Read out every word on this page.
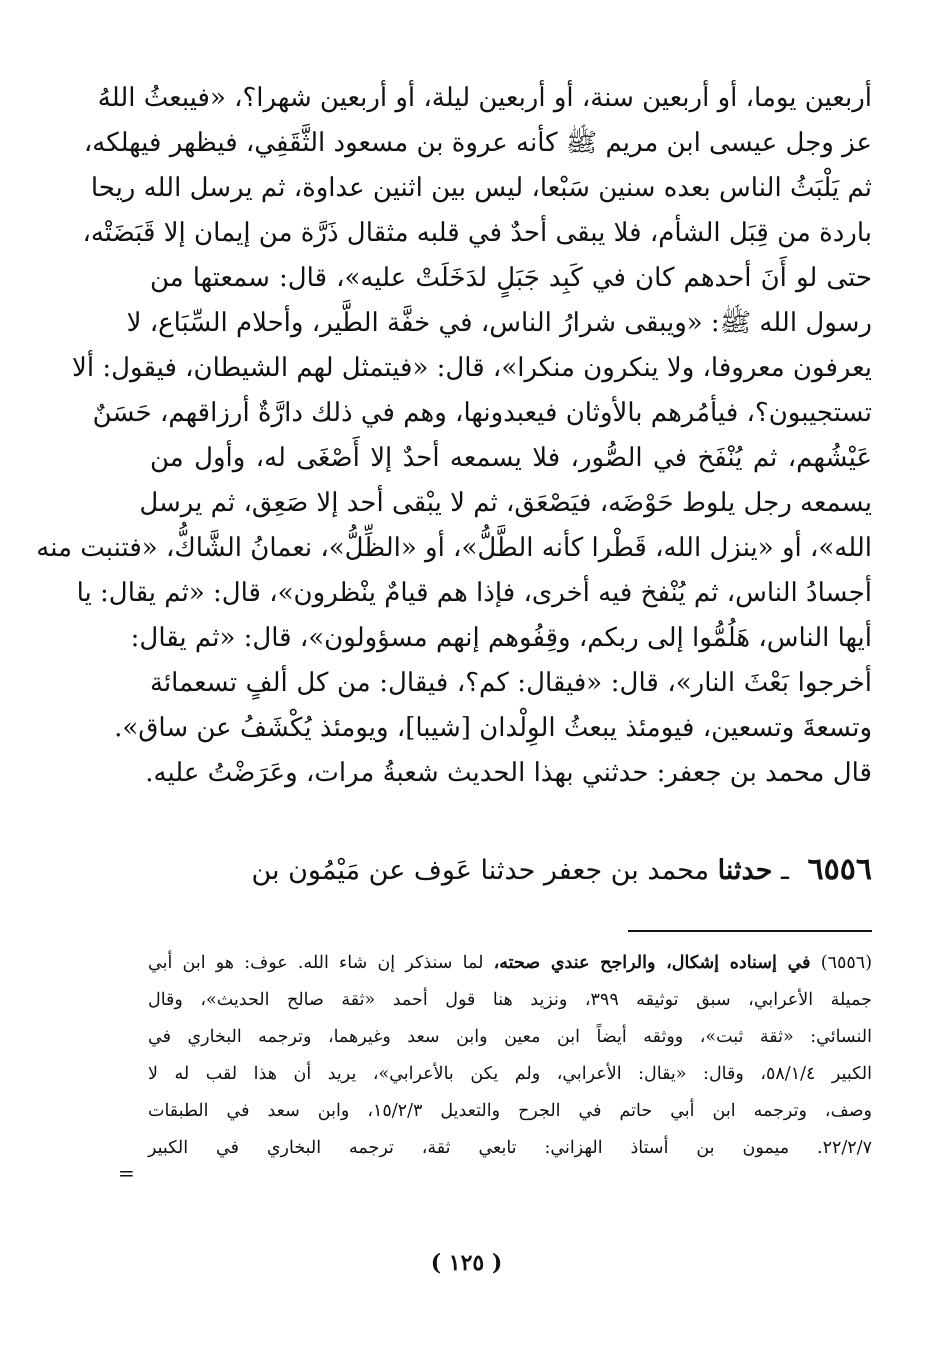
أربعين يوما، أو أربعين سنة، أو أربعين ليلة، أو أربعين شهرا؟، «فيبعثُ اللهُ
عز وجل عيسى ابن مريم ﷺ كأنه عروة بن مسعود الثَّقَفِي، فيظهر فيهلكه،
ثم يَلْبَثُ الناس بعده سنين سَبْعا، ليس بين اثنين عداوة، ثم يرسل الله ريحا
باردة من قِبَل الشأم، فلا يبقى أحدٌ في قلبه مثقال ذَرَّة من إيمان إلا قَبَضَتْه،
حتى لو أَنَ أحدهم كان في كَبِد جَبَلٍ لدَخَلَتْ عليه»، قال: سمعتها من
رسول الله ﷺ: «ويبقى شرارُ الناس، في خفَّة الطَّير، وأحلام السِّبَاع، لا
يعرفون معروفا، ولا ينكرون منكرا»، قال: «فيتمثل لهم الشيطان، فيقول: ألا
تستجيبون؟، فيأمُرهم بالأوثان فيعبدونها، وهم في ذلك دارَّةٌ أرزاقهم، حَسَنٌ
عَيْشُهم، ثم يُنْفَخ في الصُّور، فلا يسمعه أحدٌ إلا أَصْغَى له، وأول من
يسمعه رجل يلوط حَوْضَه، فيَصْعَق، ثم لا يبْقى أحد إلا صَعِق، ثم يرسل
الله»، أو «ينزل الله، قَطْرا كأنه الطَّلُّ»، أو «الظِّلُّ»، نعمانُ الشَّاكُّ، «فتنبت منه
أجسادُ الناس، ثم يُنْفخ فيه أخرى، فإذا هم قيامٌ ينْظرون»، قال: «ثم يقال: يا
أيها الناس، هَلُمُّوا إلى ربكم، وقِفُوهم إنهم مسؤولون»، قال: «ثم يقال:
أخرجوا بَعْثَ النار»، قال: «فيقال: كم؟، فيقال: من كل ألفٍ تسعمائة
وتسعةَ وتسعين، فيومئذ يبعثُ الوِلْدان [شيبا]، ويومئذ يُكْشَفُ عن ساق».
قال محمد بن جعفر: حدثني بهذا الحديث شعبةُ مرات، وعَرَضْتُ عليه.
٦٥٥٦ ـ حدثنا محمد بن جعفر حدثنا عَوف عن مَيْمُون بن
(٦٥٥٦) في إسناده إشكال، والراجح عندي صحته، لما سنذكر إن شاء الله. عوف: هو ابن أبي
جميلة الأعرابي، سبق توثيقه ٣٩٩، ونزيد هنا قول أحمد «ثقة صالح الحديث»، وقال
النسائي: «ثقة ثبت»، ووثقه أيضاً ابن معين وابن سعد وغيرهما، وترجمه البخاري في
الكبير ٥٨/١/٤، وقال: «يقال: الأعرابي، ولم يكن بالأعرابي»، يريد أن هذا لقب له لا
وصف، وترجمه ابن أبي حاتم في الجرح والتعديل ١٥/٢/٣، وابن سعد في الطبقات
٢٢/٢/٧. ميمون بن أستاذ الهزاني: تابعي ثقة، ترجمه البخاري في الكبير
=
( ١٢٥ )
